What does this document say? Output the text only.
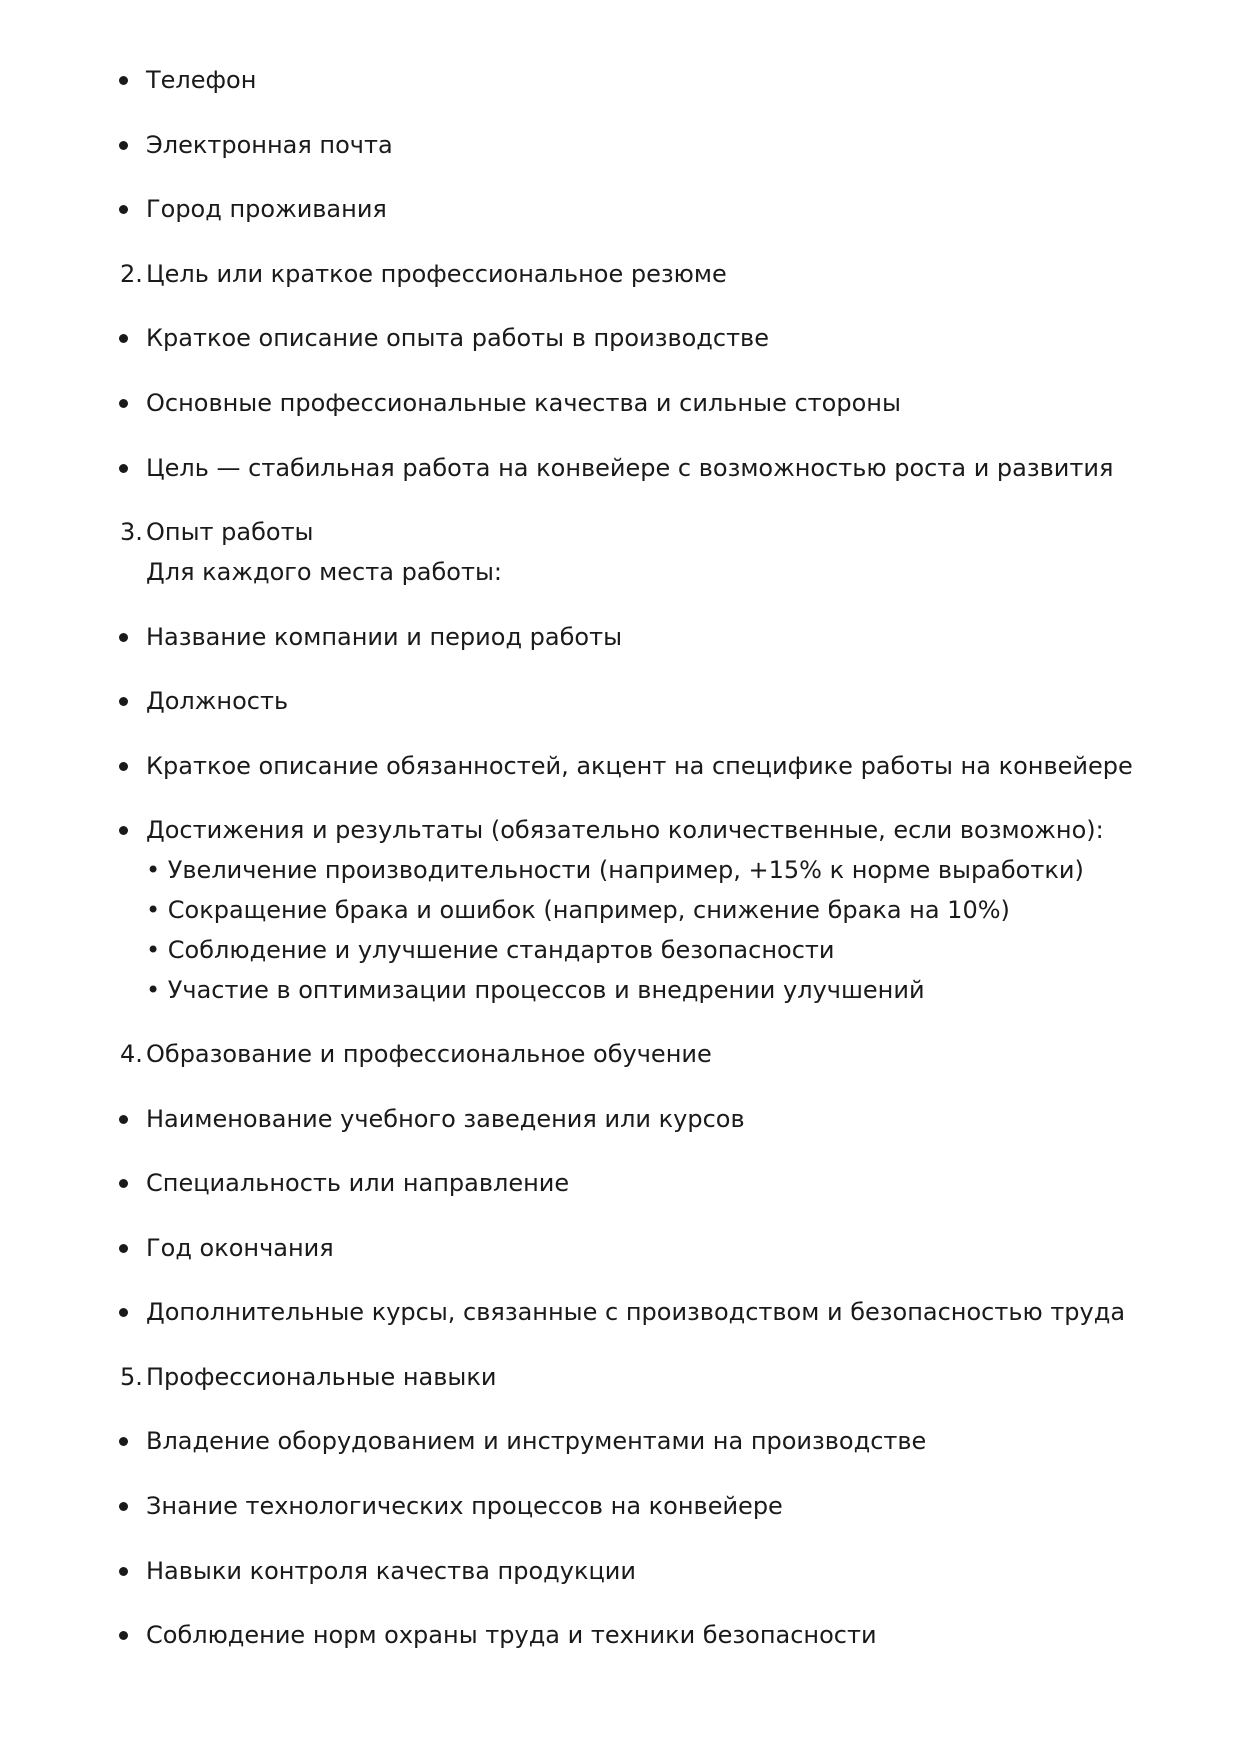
Телефон
Электронная почта
Город проживания
2. Цель или краткое профессиональное резюме
Краткое описание опыта работы в производстве
Основные профессиональные качества и сильные стороны
Цель — стабильная работа на конвейере с возможностью роста и развития
3. Опыт работы
Для каждого места работы:
Название компании и период работы
Должность
Краткое описание обязанностей, акцент на специфике работы на конвейере
Достижения и результаты (обязательно количественные, если возможно):
• Увеличение производительности (например, +15% к норме выработки)
• Сокращение брака и ошибок (например, снижение брака на 10%)
• Соблюдение и улучшение стандартов безопасности
• Участие в оптимизации процессов и внедрении улучшений
4. Образование и профессиональное обучение
Наименование учебного заведения или курсов
Специальность или направление
Год окончания
Дополнительные курсы, связанные с производством и безопасностью труда
5. Профессиональные навыки
Владение оборудованием и инструментами на производстве
Знание технологических процессов на конвейере
Навыки контроля качества продукции
Соблюдение норм охраны труда и техники безопасности
